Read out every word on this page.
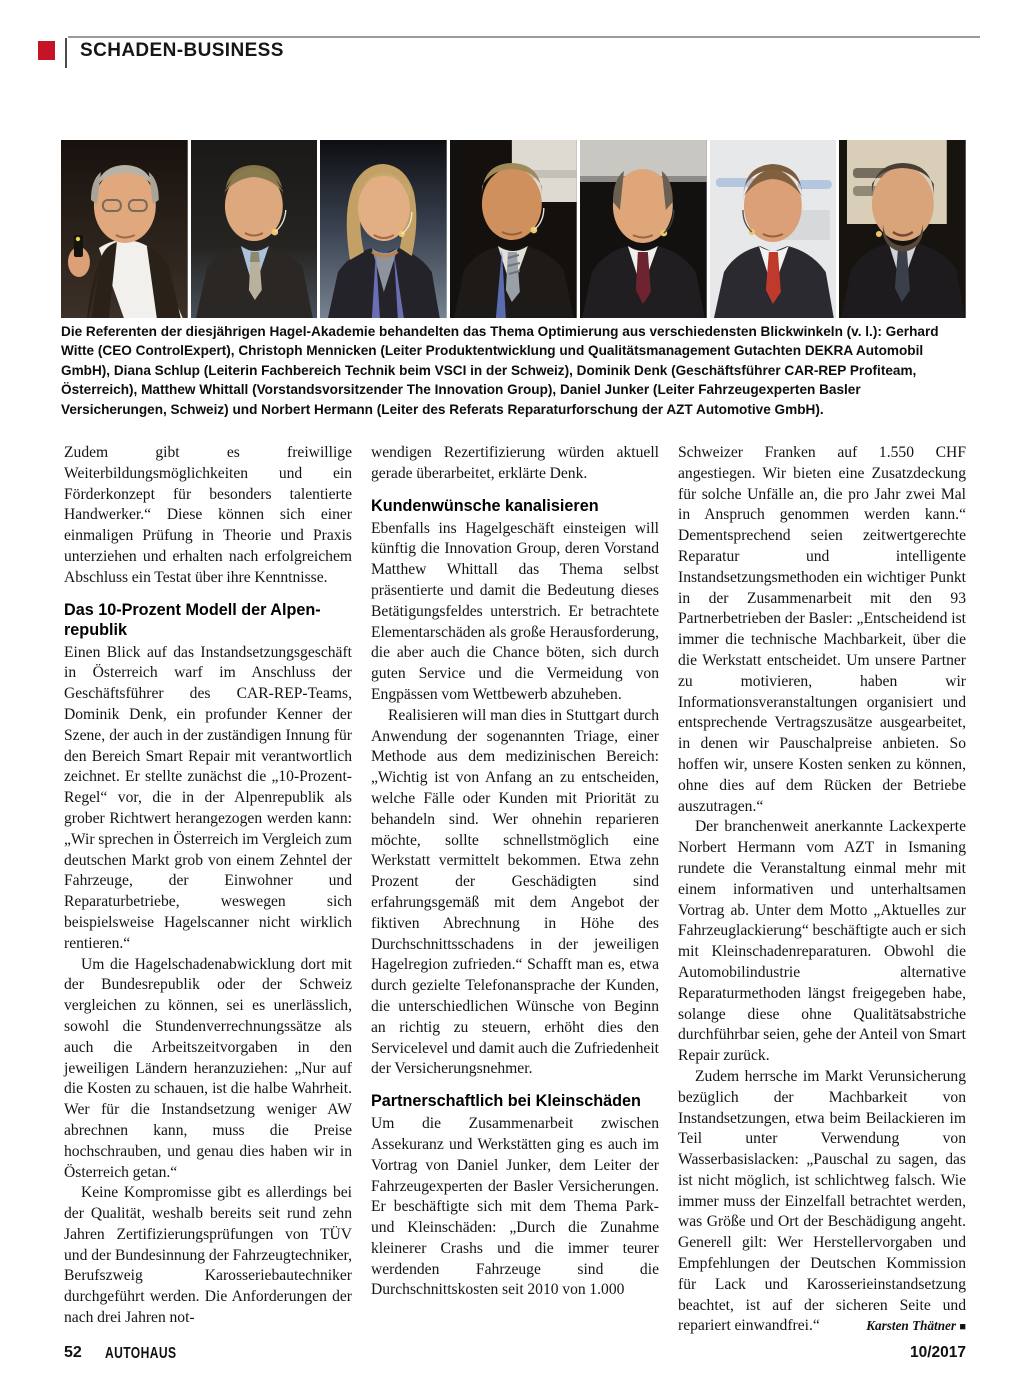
SCHADEN-BUSINESS
Die Referenten der diesjährigen Hagel-Akademie behandelten das Thema Optimierung aus verschiedensten Blickwinkeln (v. l.): Gerhard Witte (CEO ControlExpert), Christoph Mennicken (Leiter Produktentwicklung und Qualitätsmanagement Gutachten DEKRA Automobil GmbH), Diana Schlup (Leiterin Fachbereich Technik beim VSCI in der Schweiz), Dominik Denk (Geschäftsführer CAR-REP Profiteam, Österreich), Matthew Whittall (Vorstandsvorsitzender The Innovation Group), Daniel Junker (Leiter Fahrzeugexperten Basler Versicherungen, Schweiz) und Norbert Hermann (Leiter des Referats Reparaturforschung der AZT Automotive GmbH).

Zudem gibt es freiwillige Weiterbildungsmöglichkeiten und ein Förderkonzept für besonders talentierte Handwerker.“ Diese können sich einer einmaligen Prüfung in Theorie und Praxis unterziehen und erhalten nach erfolgreichem Abschluss ein Testat über ihre Kenntnisse.

Das 10-Prozent Modell der Alpenrepublik

Einen Blick auf das Instandsetzungsgeschäft in Österreich warf im Anschluss der Geschäftsführer des CAR-REP-Teams, Dominik Denk, ein profunder Kenner der Szene, der auch in der zuständigen Innung für den Bereich Smart Repair mit verantwortlich zeichnet. Er stellte zunächst die „10-Prozent-Regel“ vor, die in der Alpenrepublik als grober Richtwert herangezogen werden kann: „Wir sprechen in Österreich im Vergleich zum deutschen Markt grob von einem Zehntel der Fahrzeuge, der Einwohner und Reparaturbetriebe, weswegen sich beispielsweise Hagelscanner nicht wirklich rentieren.“

Um die Hagelschadenabwicklung dort mit der Bundesrepublik oder der Schweiz vergleichen zu können, sei es unerlässlich, sowohl die Stundenverrechnungssätze als auch die Arbeitszeitvorgaben in den jeweiligen Ländern heranzuziehen: „Nur auf die Kosten zu schauen, ist die halbe Wahrheit. Wer für die Instandsetzung weniger AW abrechnen kann, muss die Preise hochschrauben, und genau dies haben wir in Österreich getan.“

Keine Kompromisse gibt es allerdings bei der Qualität, weshalb bereits seit rund zehn Jahren Zertifizierungsprüfungen von TÜV und der Bundesinnung der Fahrzeugtechniker, Berufszweig Karosseriebautechniker durchgeführt werden. Die Anforderungen der nach drei Jahren not-

wendigen Rezertifizierung würden aktuell gerade überarbeitet, erklärte Denk.

Kundenwünsche kanalisieren

Ebenfalls ins Hagelgeschäft einsteigen will künftig die Innovation Group, deren Vorstand Matthew Whittall das Thema selbst präsentierte und damit die Bedeutung dieses Betätigungsfeldes unterstrich. Er betrachtete Elementarschäden als große Herausforderung, die aber auch die Chance böten, sich durch guten Service und die Vermeidung von Engpässen vom Wettbewerb abzuheben.

Realisieren will man dies in Stuttgart durch Anwendung der sogenannten Triage, einer Methode aus dem medizinischen Bereich: „Wichtig ist von Anfang an zu entscheiden, welche Fälle oder Kunden mit Priorität zu behandeln sind. Wer ohnehin reparieren möchte, sollte schnellstmöglich eine Werkstatt vermittelt bekommen. Etwa zehn Prozent der Geschädigten sind erfahrungsgemäß mit dem Angebot der fiktiven Abrechnung in Höhe des Durchschnittsschadens in der jeweiligen Hagelregion zufrieden.“ Schafft man es, etwa durch gezielte Telefonansprache der Kunden, die unterschiedlichen Wünsche von Beginn an richtig zu steuern, erhöht dies den Servicelevel und damit auch die Zufriedenheit der Versicherungsnehmer.

Partnerschaftlich bei Kleinschäden

Um die Zusammenarbeit zwischen Assekuranz und Werkstätten ging es auch im Vortrag von Daniel Junker, dem Leiter der Fahrzeugexperten der Basler Versicherungen. Er beschäftigte sich mit dem Thema Park- und Kleinschäden: „Durch die Zunahme kleinerer Crashs und die immer teurer werdenden Fahrzeuge sind die Durchschnittskosten seit 2010 von 1.000

Schweizer Franken auf 1.550 CHF angestiegen. Wir bieten eine Zusatzdeckung für solche Unfälle an, die pro Jahr zwei Mal in Anspruch genommen werden kann.“ Dementsprechend seien zeitwertgerechte Reparatur und intelligente Instandsetzungsmethoden ein wichtiger Punkt in der Zusammenarbeit mit den 93 Partnerbetrieben der Basler: „Entscheidend ist immer die technische Machbarkeit, über die die Werkstatt entscheidet. Um unsere Partner zu motivieren, haben wir Informationsveranstaltungen organisiert und entsprechende Vertragszusätze ausgearbeitet, in denen wir Pauschalpreise anbieten. So hoffen wir, unsere Kosten senken zu können, ohne dies auf dem Rücken der Betriebe auszutragen.“

Der branchenweit anerkannte Lackexperte Norbert Hermann vom AZT in Ismaning rundete die Veranstaltung einmal mehr mit einem informativen und unterhaltsamen Vortrag ab. Unter dem Motto „Aktuelles zur Fahrzeuglackierung“ beschäftigte auch er sich mit Kleinschadenreparaturen. Obwohl die Automobilindustrie alternative Reparaturmethoden längst freigegeben habe, solange diese ohne Qualitätsabstriche durchführbar seien, gehe der Anteil von Smart Repair zurück.

Zudem herrsche im Markt Verunsicherung bezüglich der Machbarkeit von Instandsetzungen, etwa beim Beilackieren im Teil unter Verwendung von Wasserbasislacken: „Pauschal zu sagen, das ist nicht möglich, ist schlichtweg falsch. Wie immer muss der Einzelfall betrachtet werden, was Größe und Ort der Beschädigung angeht. Generell gilt: Wer Herstellervorgaben und Empfehlungen der Deutschen Kommission für Lack und Karosserieinstandsetzung beachtet, ist auf der sicheren Seite und repariert einwandfrei.“	Karsten Thätner ■
52 AUTOHAUS	10/2017
